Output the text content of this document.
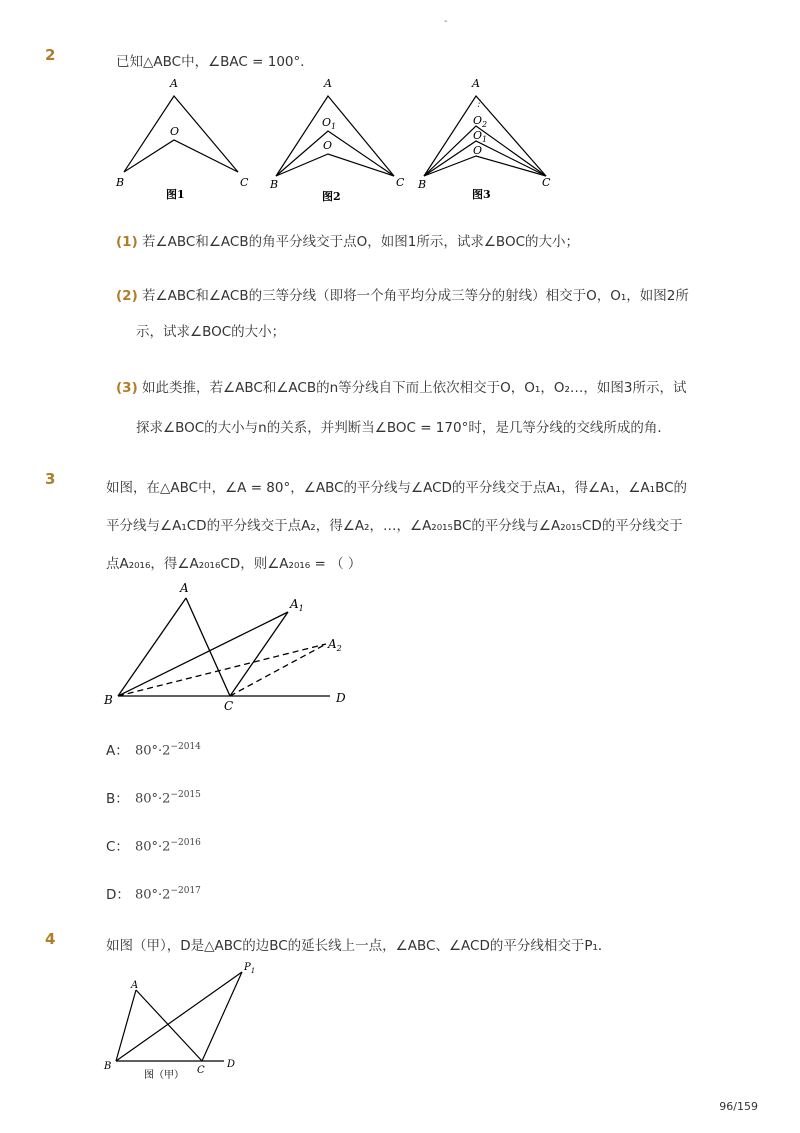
-
2	已知△ABC中，∠BAC = 100°．
A
B	C
O
A
B	C
$O_1$
O
A
B	C
⋮
$O_2$
$O_1$
O
图1	图2	图3
(1) 若∠ABC和∠ACB的角平分线交于点O，如图1所示，试求∠BOC的大小；
(2) 若∠ABC和∠ACB的三等分线（即将一个角平均分成三等分的射线）相交于O，O₁，如图2所
示，试求∠BOC的大小；
(3) 如此类推，若∠ABC和∠ACB的n等分线自下而上依次相交于O，O₁，O₂…，如图3所示，试
探求∠BOC的大小与n的关系，并判断当∠BOC = 170°时，是几等分线的交线所成的角．
3	如图，在△ABC中，∠A = 80°，∠ABC的平分线与∠ACD的平分线交于点A₁，得∠A₁，∠A₁BC的
平分线与∠A₁CD的平分线交于点A₂，得∠A₂，…，∠A₂₀₁₅BC的平分线与∠A₂₀₁₅CD的平分线交于
点A₂₀₁₆，得∠A₂₀₁₆CD，则∠A₂₀₁₆ = （ ）
A
$A_1$
$A_2$
B	C
D
A： $80^\circ\cdot 2^{-2014}$
B： $80^\circ\cdot 2^{-2015}$
C： $80^\circ\cdot 2^{-2016}$
D： $80^\circ\cdot 2^{-2017}$
4	如图（甲），D是△ABC的边BC的延长线上一点，∠ABC、∠ACD的平分线相交于P₁．
A
B	C
D
$P_1$
图（甲）
96/159
